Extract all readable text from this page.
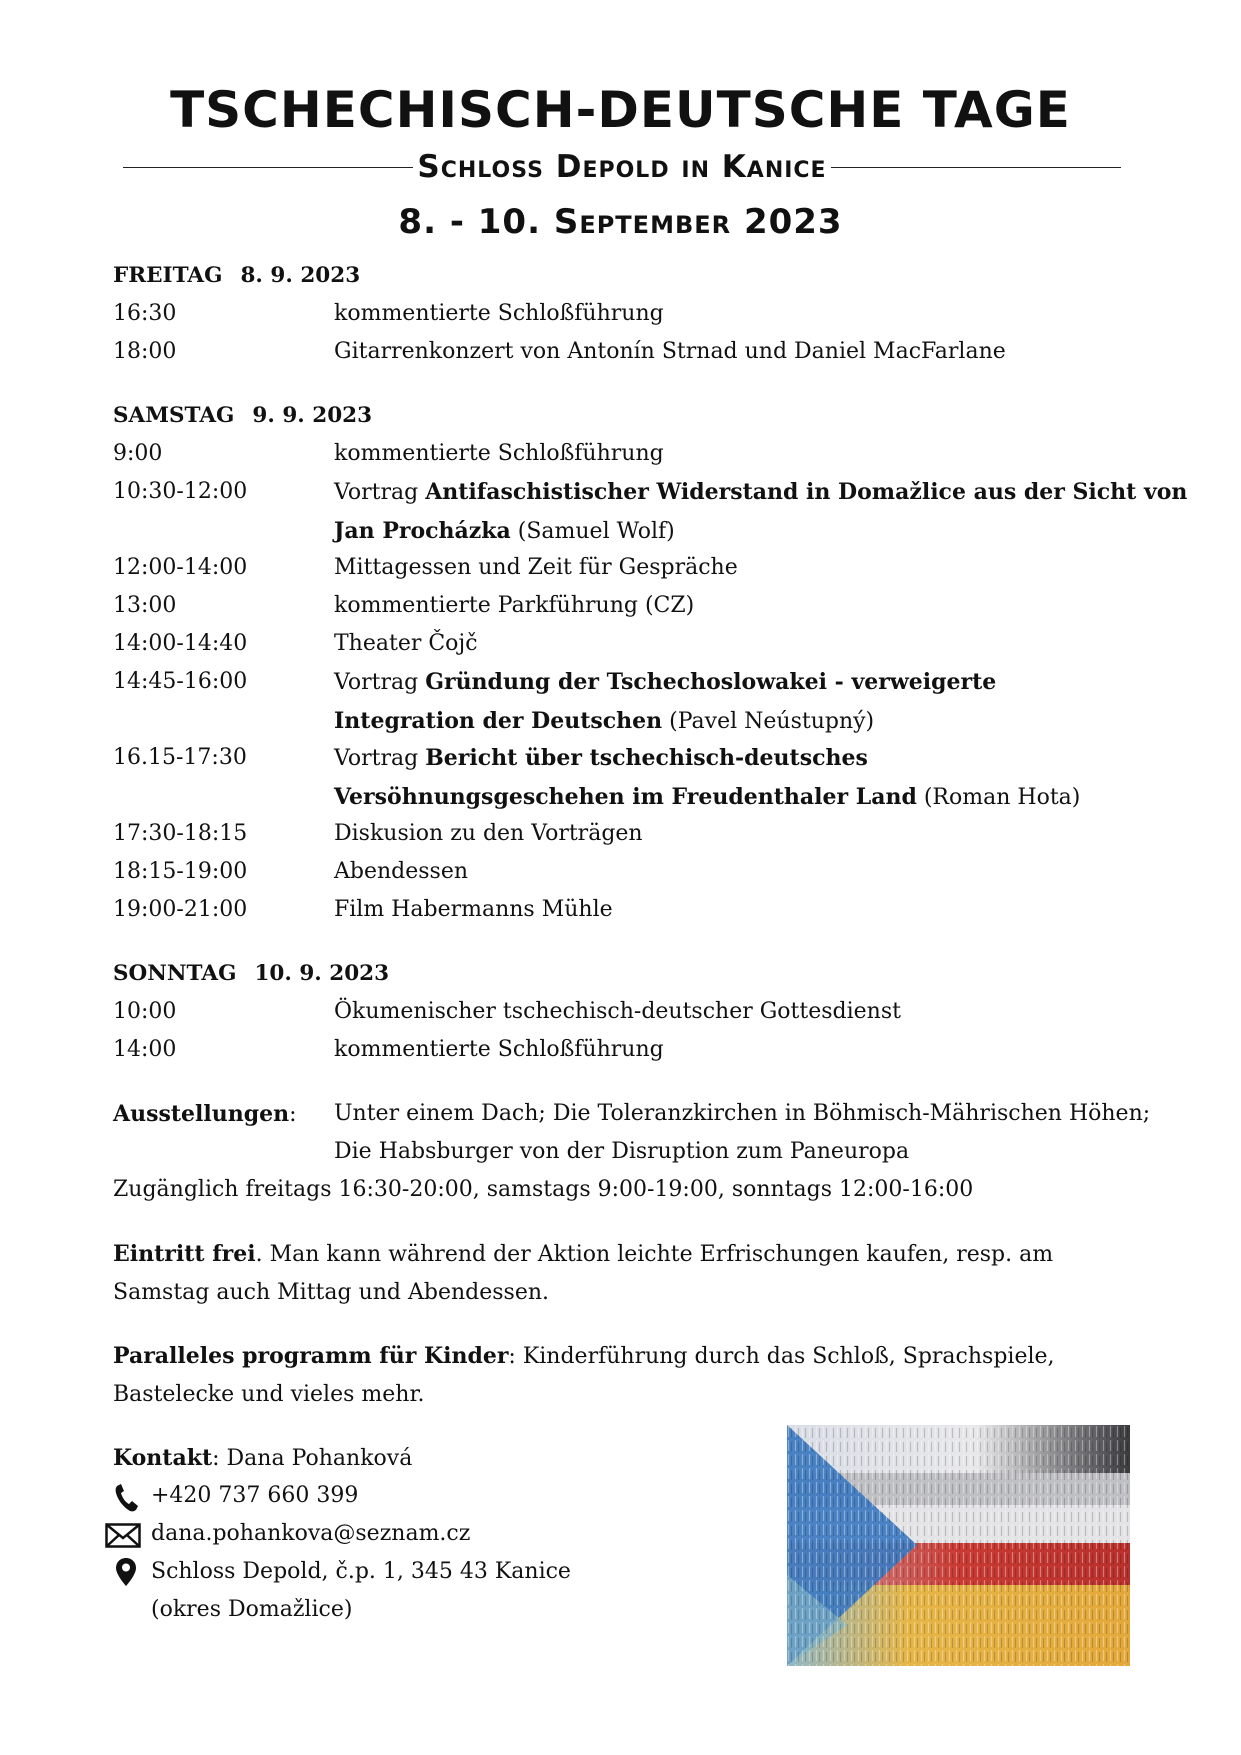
TSCHECHISCH-DEUTSCHE TAGE
Schloss Depold in Kanice
8. - 10. September 2023
FREITAG 8. 9. 2023
16:30	kommentierte Schloßführung
18:00	Gitarrenkonzert von Antonín Strnad und Daniel MacFarlane
SAMSTAG 9. 9. 2023
9:00	kommentierte Schloßführung
10:30-12:00	Vortrag Antifaschistischer Widerstand in Domažlice aus der Sicht von Jan Procházka (Samuel Wolf)
12:00-14:00	Mittagessen und Zeit für Gespräche
13:00	kommentierte Parkführung (CZ)
14:00-14:40	Theater Čojč
14:45-16:00	Vortrag Gründung der Tschechoslowakei - verweigerte Integration der Deutschen (Pavel Neústupný)
16.15-17:30	Vortrag Bericht über tschechisch-deutsches Versöhnungsgeschehen im Freudenthaler Land (Roman Hota)
17:30-18:15	Diskusion zu den Vorträgen
18:15-19:00	Abendessen
19:00-21:00	Film Habermanns Mühle
SONNTAG 10. 9. 2023
10:00	Ökumenischer tschechisch-deutscher Gottesdienst
14:00	kommentierte Schloßführung
Ausstellungen:	Unter einem Dach; Die Toleranzkirchen in Böhmisch-Mährischen Höhen;
Die Habsburger von der Disruption zum Paneuropa
Zugänglich freitags 16:30-20:00, samstags 9:00-19:00, sonntags 12:00-16:00
Eintritt frei. Man kann während der Aktion leichte Erfrischungen kaufen, resp. am Samstag auch Mittag und Abendessen.
Paralleles programm für Kinder: Kinderführung durch das Schloß, Sprachspiele, Bastelecke und vieles mehr.
Kontakt: Dana Pohanková
+420 737 660 399
dana.pohankova@seznam.cz
Schloss Depold, č.p. 1, 345 43 Kanice
(okres Domažlice)
